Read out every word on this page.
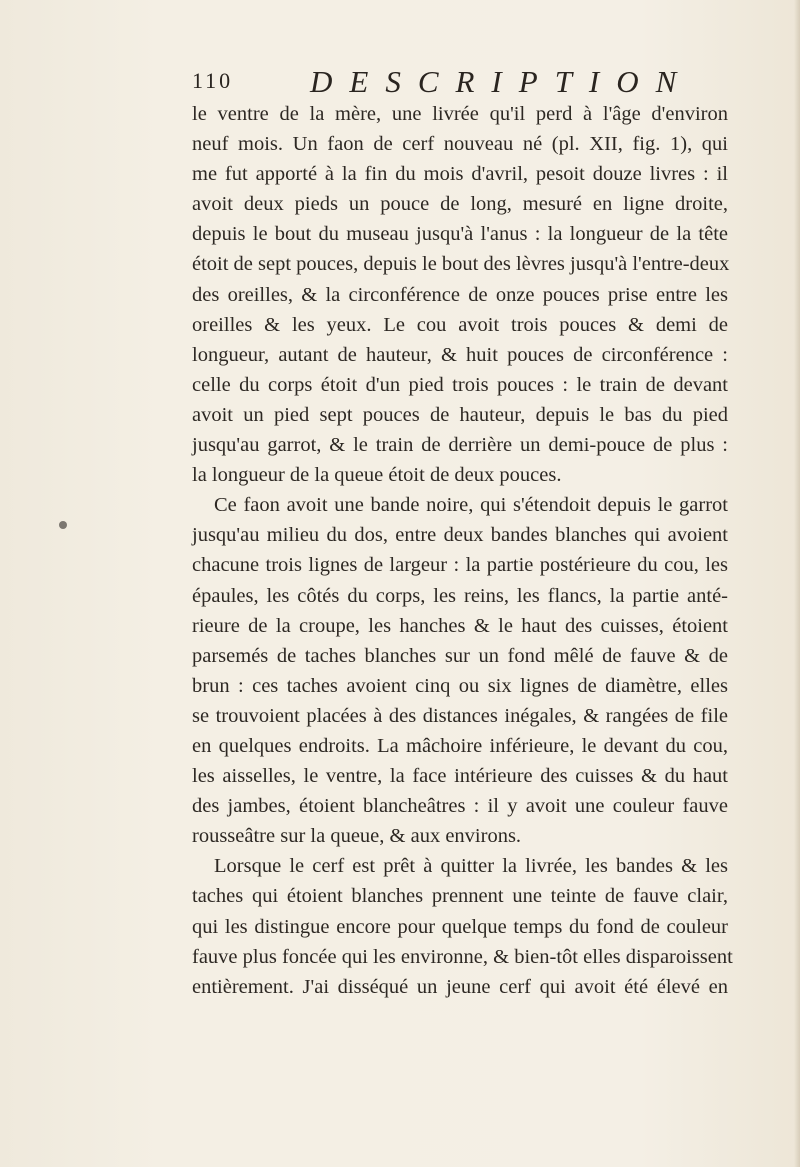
110 DESCRIPTION
le ventre de la mère, une livrée qu'il perd à l'âge d'environ
neuf mois. Un faon de cerf nouveau né (pl. XII, fig. 1), qui
me fut apporté à la fin du mois d'avril, pesoit douze livres : il
avoit deux pieds un pouce de long, mesuré en ligne droite,
depuis le bout du museau jusqu'à l'anus : la longueur de la tête
étoit de sept pouces, depuis le bout des lèvres jusqu'à l'entre-deux
des oreilles, & la circonférence de onze pouces prise entre les
oreilles & les yeux. Le cou avoit trois pouces & demi de
longueur, autant de hauteur, & huit pouces de circonférence :
celle du corps étoit d'un pied trois pouces : le train de devant
avoit un pied sept pouces de hauteur, depuis le bas du pied
jusqu'au garrot, & le train de derrière un demi-pouce de plus :
la longueur de la queue étoit de deux pouces.
Ce faon avoit une bande noire, qui s'étendoit depuis le garrot
jusqu'au milieu du dos, entre deux bandes blanches qui avoient
chacune trois lignes de largeur : la partie postérieure du cou, les
épaules, les côtés du corps, les reins, les flancs, la partie anté-
rieure de la croupe, les hanches & le haut des cuisses, étoient
parsemés de taches blanches sur un fond mêlé de fauve & de
brun : ces taches avoient cinq ou six lignes de diamètre, elles
se trouvoient placées à des distances inégales, & rangées de file
en quelques endroits. La mâchoire inférieure, le devant du cou,
les aisselles, le ventre, la face intérieure des cuisses & du haut
des jambes, étoient blancheâtres : il y avoit une couleur fauve
rousseâtre sur la queue, & aux environs.
Lorsque le cerf est prêt à quitter la livrée, les bandes & les
taches qui étoient blanches prennent une teinte de fauve clair,
qui les distingue encore pour quelque temps du fond de couleur
fauve plus foncée qui les environne, & bien-tôt elles disparoissent
entièrement. J'ai disséqué un jeune cerf qui avoit été élevé en
